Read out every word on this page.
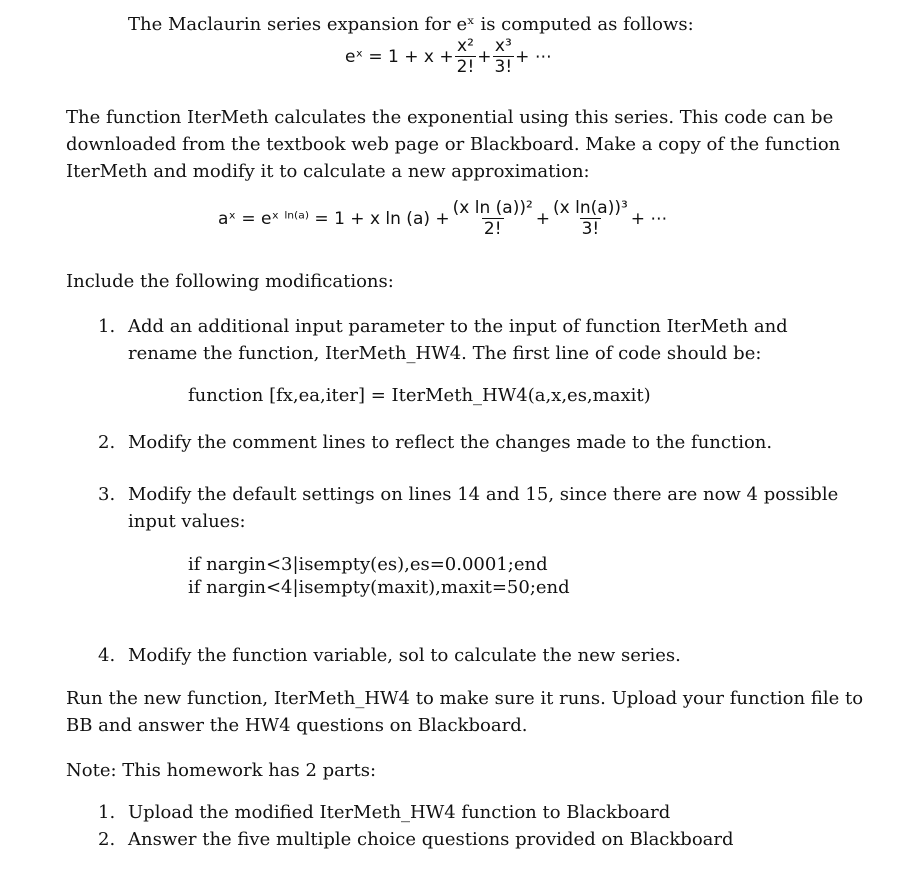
The Maclaurin series expansion for eˣ is computed as follows:

eˣ = $1 + x + \frac{\text{x²}}{2!} + \frac{\text{x³}}{3!}$ + ⋯

The function IterMeth calculates the exponential using this series. This code can be downloaded from the textbook web page or Blackboard. Make a copy of the function IterMeth and modify it to calculate a new approximation:

aˣ = eˣ ˡⁿ⁽ᵃ⁾ = 1 + x $\ln (a) + \frac{\text{(x ln (a))²}}{2!} + \frac{\text{(x ln(a))³}}{3!}$ + ⋯

Include the following modifications:

1. Add an additional input parameter to the input of function IterMeth and rename the function, IterMeth_HW4. The first line of code should be:

function [fx,ea,iter] = IterMeth_HW4(a,x,es,maxit)
2. Modify the comment lines to reflect the changes made to the function.

3. Modify the default settings on lines 14 and 15, since there are now 4 possible input values:

if nargin<3|isempty(es),es=0.0001;end
if nargin<4|isempty(maxit),maxit=50;end
4. Modify the function variable, sol to calculate the new series.

Run the new function, IterMeth_HW4 to make sure it runs. Upload your function file to BB and answer the HW4 questions on Blackboard.

Note: This homework has 2 parts:

1. Upload the modified IterMeth_HW4 function to Blackboard

2. Answer the five multiple choice questions provided on Blackboard
